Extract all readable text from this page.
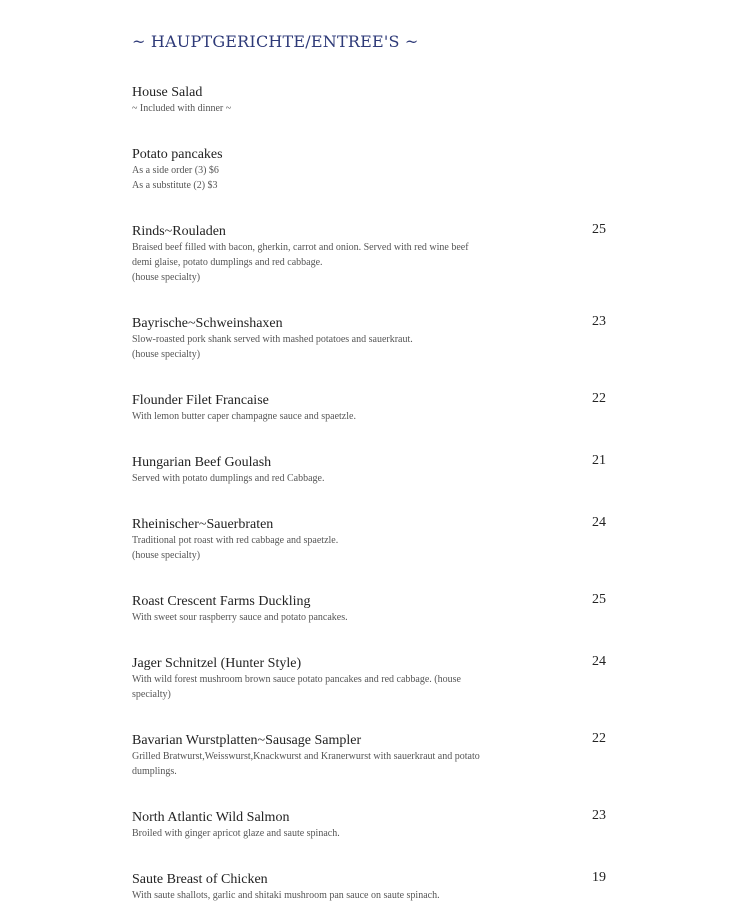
~ HAUPTGERICHTE/ENTREE'S ~
House Salad
~ Included with dinner ~
Potato pancakes
As a side order (3) $6
As a substitute (2) $3
Rinds~Rouladen	25
Braised beef filled with bacon, gherkin, carrot and onion. Served with red wine beef demi glaise, potato dumplings and red cabbage.
(house specialty)
Bayrische~Schweinshaxen	23
Slow-roasted pork shank served with mashed potatoes and sauerkraut.
(house specialty)
Flounder Filet Francaise	22
With lemon butter caper champagne sauce and spaetzle.
Hungarian Beef Goulash	21
Served with potato dumplings and red Cabbage.
Rheinischer~Sauerbraten	24
Traditional pot roast with red cabbage and spaetzle.
(house specialty)
Roast Crescent Farms Duckling	25
With sweet sour raspberry sauce and potato pancakes.
Jager Schnitzel (Hunter Style)	24
With wild forest mushroom brown sauce potato pancakes and red cabbage. (house specialty)
Bavarian Wurstplatten~Sausage Sampler	22
Grilled Bratwurst,Weisswurst,Knackwurst and Kranerwurst with sauerkraut and potato dumplings.
North Atlantic Wild Salmon	23
Broiled with ginger apricot glaze and saute spinach.
Saute Breast of Chicken	19
With saute shallots, garlic and shitaki mushroom pan sauce on saute spinach.
